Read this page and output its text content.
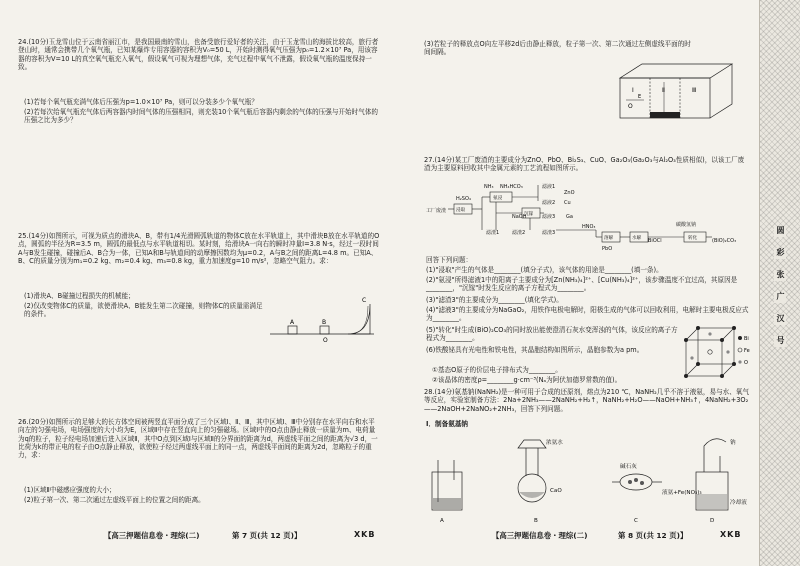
24.(10分)玉龙雪山位于云南省丽江市，是我国最南的雪山，也备受旅行爱好者的关注，由于玉龙雪山的海拔比较高，旅行者登山时，通常会携带几个氧气瓶，已知某爆炸专用容器的容积为V₀=50 L，开始时测得氧气压强为p₀=1.2×10⁷ Pa，用该容器的容积为V=10 L的真空氧气瓶充入氧气，假设氧气可视为理想气体，充气过程中氧气不泄露，假设氧气瓶的温度保持一致。
(1)若每个氧气瓶充满气体后压强为p=1.0×10⁷ Pa，则可以分装多少个氧气瓶？
(2)若每次给氧气瓶充气体后两容器内时间气体的压强相同，则充装10个氧气瓶后容器内剩余的气体的压强与开始时气体的压强之比为多少？
25.(14分)如图所示，可视为质点的滑块A、B，带有1/4光滑圆弧轨道的物体C放在水平轨道上，其中滑块B放在水平轨道的O点，圆弧的半径为R=3.5 m，圆弧的最低点与水平轨道相切。某时刻，给滑块A一向右的瞬时冲量I=3.8 N·s，经过一段时间A与B发生碰撞，碰撞后A、B合为一体，已知A和B与轨道间的动摩擦因数均为μ=0.2，A与B之间的距离L=4.8 m。已知A、B、C的质量分别为m₁=0.2 kg、m₂=0.4 kg、m₃=0.8 kg，重力加速度g=10 m/s²，忽略空气阻力。求：
(1)滑块A、B碰撞过程损失的机械能；
(2)仅改变物体C的质量，欲使滑块A、B能发生第二次碰撞，则物体C的质量需满足的条件。
A	B
C
O
26.(20分)如图所示的足够大的长方体空间被两竖直平面分成了三个区域Ⅰ、Ⅱ、Ⅲ，其中区域Ⅰ、Ⅲ中分别存在水平向右和水平向左的匀强电场，电场强度的大小均为E，区域Ⅱ中存在竖直向上的匀强磁场。区域Ⅰ中的O点由静止释放一质量为m、电荷量为q的粒子，粒子经电场加速后进入区域Ⅱ，其中O点到区域Ⅰ与区域Ⅱ的分界面的距离为d，两虚线平面之间的距离为√3 d，一比荷为k的带正电的粒子由O点静止释放，欲使粒子经过两虚线平面上的同一点，两虚线平面间的距离为2d，忽略粒子的重力，求：
(1)区域Ⅱ中磁感应强度的大小；
(2)粒子第一次、第二次通过左虚线平面上的位置之间的距离。
【高三押题信息卷・理综(二)	第 7 页(共 12 页)】	XKB
(3)若粒子的释放点O向左平移2d后由静止释放，粒子第一次、第二次通过左侧虚线平面的时间间隔。
Ⅰ	Ⅱ	Ⅲ
O
E
27.(14分)某工厂废渣的主要成分为ZnO、PbO、Bi₂S₃、CuO、Ga₂O₃(Ga₂O₃与Al₂O₃性质相似)，以该工厂废渣为主要原料回收其中金属元素的工艺流程如图所示。
工厂废渣
H₂SO₄
NH₃ NH₄HCO₃	滤液1
ZnO
滤液2 Cu
NaOH	滤液3 Ga
滤渣1	滤渣2	滤渣3
HNO₃	碳酸氢钠
BiOCl	(BiO)₂CO₃
PbO
浸取
氨浸
沉镓
溶解	水解	转化
回答下列问题：
(1)"浸取"产生的气体是________(填分子式)，该气体的用途是________(填一条)。
(2)"氨浸"所得滤液1中的阳离子主要成分为[Zn(NH₃)₄]²⁺、[Cu(NH₃)₄]²⁺，该步骤温度不宜过高，其原因是________，"沉镓"时发生反应的离子方程式为________。
(3)"滤渣3"的主要成分为________(填化学式)。
(4)"滤液3"的主要成分为NaGaO₂，用铁作电极电解时，阳极生成的气体可以回收利用，电解时主要电极反应式为________。
(5)"转化"时生成(BiO)₂CO₃的同时放出能使澄清石灰水变浑浊的气体，该反应的离子方程式为________。
(6)铁酸铋具有光电性和铁电性，其晶胞结构如图所示，晶胞参数为a pm。
①基态O原子的价层电子排布式为________。
②该晶体的密度ρ=________g·cm⁻³(Nₐ为阿伏加德罗常数的值)。
Bi
Fe
O
28.(14分)氨基钠(NaNH₂)是一种可用于合成的还原剂，熔点为210 ℃，NaNH₂几乎不溶于液氨，易与水、氧气等反应，实验室制备方法：2Na+2NH₃——2NaNH₂+H₂↑，NaNH₂+H₂O——NaOH+NH₃↑，4NaNH₂+3O₂——2NaOH+2NaNO₂+2NH₃，回答下列问题。
Ⅰ．制备氨基钠
A	B	C	D
浓氨水
CaO
碱石灰
钠
液氨+Fe(NO₃)₃
冷却液
【高三押题信息卷・理综(二)	第 8 页(共 12 页)】	XKB
圆
彩
张
广
汉
号
